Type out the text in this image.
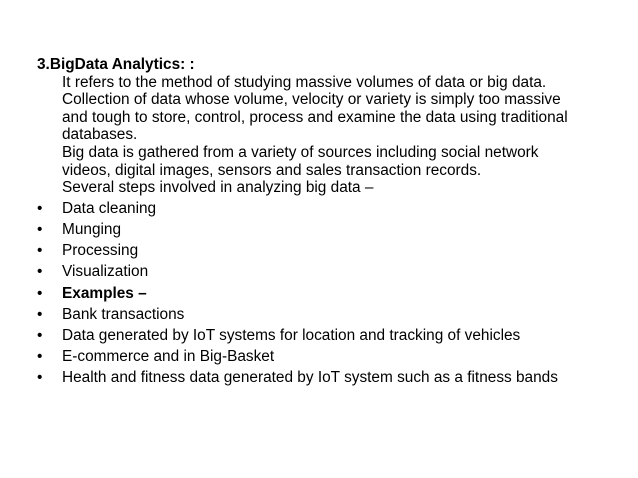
3.BigData Analytics: :
It refers to the method of studying massive volumes of data or big data.
Collection of data whose volume, velocity or variety is simply too massive
and tough to store, control, process and examine the data using traditional
databases.
Big data is gathered from a variety of sources including social network
videos, digital images, sensors and sales transaction records.
Several steps involved in analyzing big data –
•	Data cleaning
•	Munging
•	Processing
•	Visualization
•	Examples –
•	Bank transactions
•	Data generated by IoT systems for location and tracking of vehicles
•	E-commerce and in Big-Basket
•	Health and fitness data generated by IoT system such as a fitness bands
